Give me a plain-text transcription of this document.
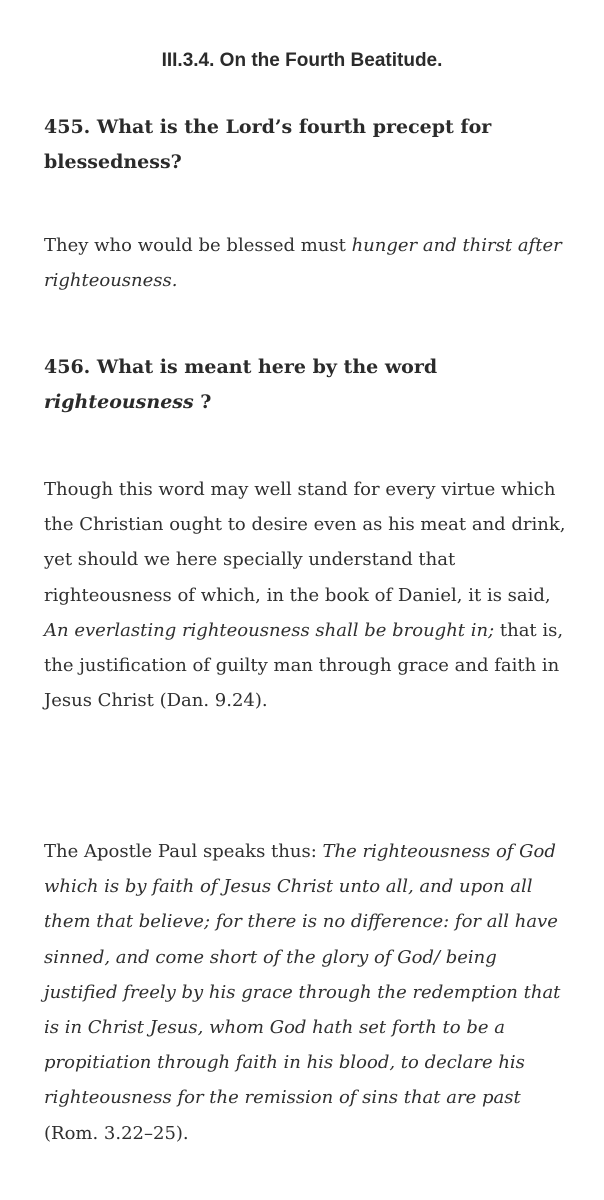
III.3.4. On the Fourth Beatitude.
455. What is the Lord’s fourth precept for blessedness?
They who would be blessed must hunger and thirst after righteousness.
456. What is meant here by the word righteousness ?
Though this word may well stand for every virtue which the Christian ought to desire even as his meat and drink, yet should we here specially understand that righteousness of which, in the book of Daniel, it is said, An everlasting righteousness shall be brought in; that is, the justification of guilty man through grace and faith in Jesus Christ (Dan. 9.24).
The Apostle Paul speaks thus: The righteousness of God which is by faith of Jesus Christ unto all, and upon all them that believe; for there is no difference: for all have sinned, and come short of the glory of God/ being justified freely by his grace through the redemption that is in Christ Jesus, whom God hath set forth to be a propitiation through faith in his blood, to declare his righteousness for the remission of sins that are past (Rom. 3.22–25).
